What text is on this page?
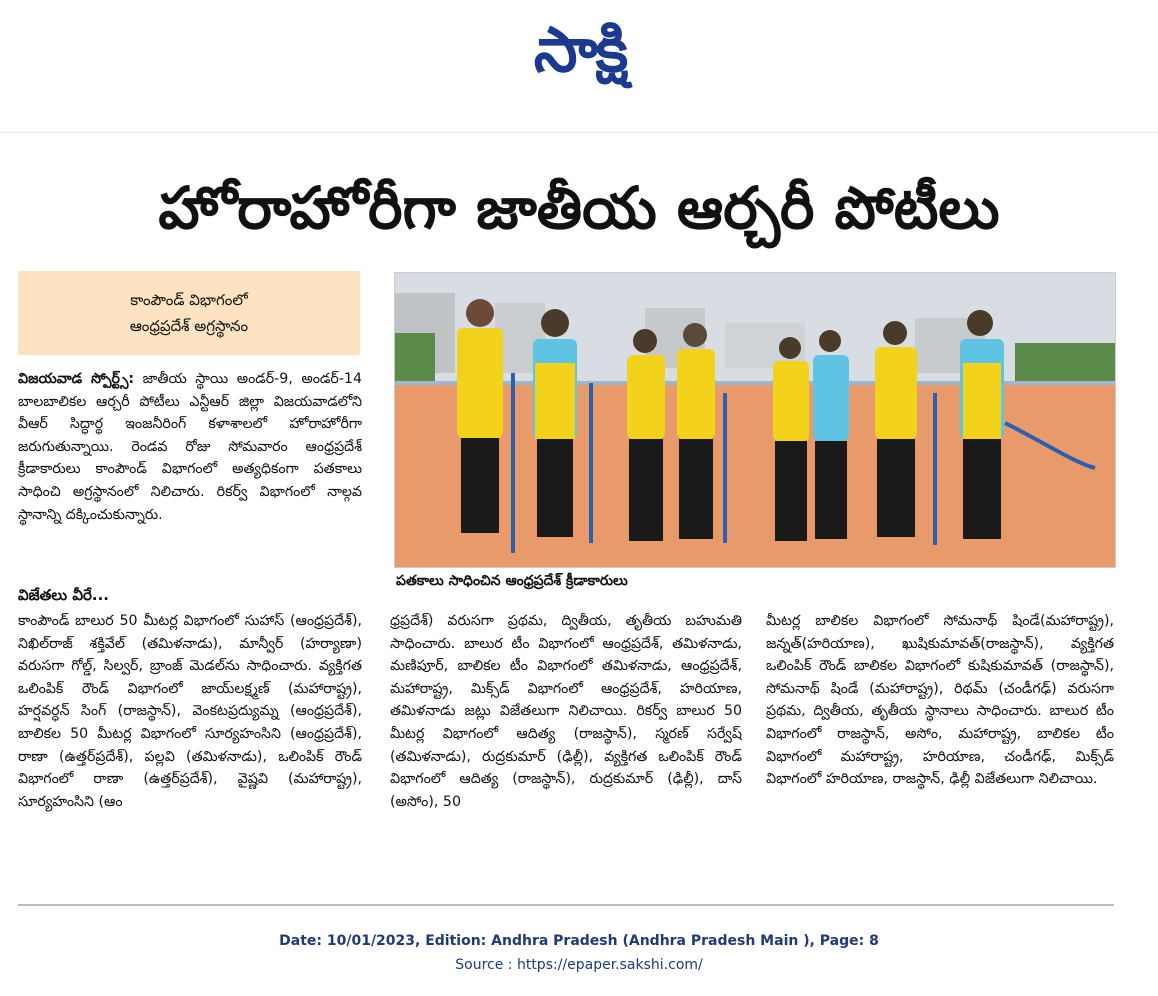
సాక్షి
హోరాహోరీగా జాతీయ ఆర్చరీ పోటీలు
కాంపౌండ్ విభాగంలో
ఆంధ్రప్రదేశ్ అగ్రస్థానం
పతకాలు సాధించిన ఆంధ్రప్రదేశ్ క్రీడాకారులు
విజయవాడ స్పోర్ట్స్: జాతీయ స్థాయి అండర్-9, అండర్-14 బాలబాలికల ఆర్చరీ పోటీలు ఎన్టీఆర్ జిల్లా విజయవాడలోని వీఆర్ సిద్ధార్థ ఇంజనీరింగ్ కళాశాలలో హోరాహోరీగా జరుగుతున్నాయి. రెండవ రోజు సోమవారం ఆంధ్రప్రదేశ్ క్రీడాకారులు కాంపౌండ్ విభాగంలో అత్యధికంగా పతకాలు సాధించి అగ్రస్థానంలో నిలిచారు. రికర్వ్ విభాగంలో నాల్గవ స్థానాన్ని దక్కించుకున్నారు.
విజేతలు వీరే...
కాంపౌండ్ బాలుర 50 మీటర్ల విభాగంలో సుహాస్ (ఆంధ్రప్రదేశ్), నిఖిల్‌రాజ్ శక్తివేల్ (తమిళనాడు), మాన్వీర్ (హర్యాణా) వరుసగా గోల్డ్, సిల్వర్, బ్రాంజ్ మెడల్‌ను సాధించారు. వ్యక్తిగత ఒలింపిక్ రౌండ్ విభాగంలో జాయ్‌లక్ష్మణ్ (మహారాష్ట్ర), హర్షవర్ధన్ సింగ్ (రాజస్థాన్), వెంకటప్రద్యుమ్న (ఆంధ్రప్రదేశ్), బాలికల 50 మీటర్ల విభాగంలో సూర్యహంసిని (ఆంధ్రప్రదేశ్), రాణా (ఉత్తర్‌ప్రదేశ్), పల్లవి (తమిళనాడు), ఒలింపిక్ రౌండ్ విభాగంలో రాణా (ఉత్తర్‌ప్రదేశ్), వైష్ణవి (మహారాష్ట్ర), సూర్యహంసిని (ఆం
ధ్రప్రదేశ్) వరుసగా ప్రథమ, ద్వితీయ, తృతీయ బహుమతి సాధించారు. బాలుర టీం విభాగంలో ఆంధ్రప్రదేశ్, తమిళనాడు, మణిపూర్, బాలికల టీం విభాగంలో తమిళనాడు, ఆంధ్రప్రదేశ్, మహారాష్ట్ర, మిక్స్‌డ్ విభాగంలో ఆంధ్రప్రదేశ్, హరియాణ, తమిళనాడు జట్లు విజేతలుగా నిలిచాయి. రికర్వ్ బాలుర 50 మీటర్ల విభాగంలో ఆదిత్య (రాజస్థాన్), స్మరణ్ సర్వేష్ (తమిళనాడు), రుద్రకుమార్ (ఢిల్లీ), వ్యక్తిగత ఒలింపిక్ రౌండ్ విభాగంలో ఆదిత్య (రాజస్థాన్), రుద్రకుమార్ (ఢిల్లీ), దాస్ (అసోం), 50
మీటర్ల బాలికల విభాగంలో సోమనాథ్ షిండే(మహారాష్ట్ర), జన్నత్(హరియాణ), ఖుషికుమావత్(రాజస్థాన్), వ్యక్తిగత ఒలింపిక్ రౌండ్ బాలికల విభాగంలో కుషికుమావత్ (రాజస్థాన్), సోమనాథ్ షిండే (మహారాష్ట్ర), రిథమ్ (చండీగఢ్) వరుసగా ప్రథమ, ద్వితీయ, తృతీయ స్థానాలు సాధించారు. బాలుర టీం విభాగంలో రాజస్థాన్, అసోం, మహారాష్ట్ర, బాలికల టీం విభాగంలో మహారాష్ట్ర, హరియాణ, చండీగఢ్, మిక్స్‌డ్ విభాగంలో హరియాణ, రాజస్థాన్, ఢిల్లీ విజేతలుగా నిలిచాయి.
Date: 10/01/2023, Edition: Andhra Pradesh (Andhra Pradesh Main ), Page: 8
Source : https://epaper.sakshi.com/
